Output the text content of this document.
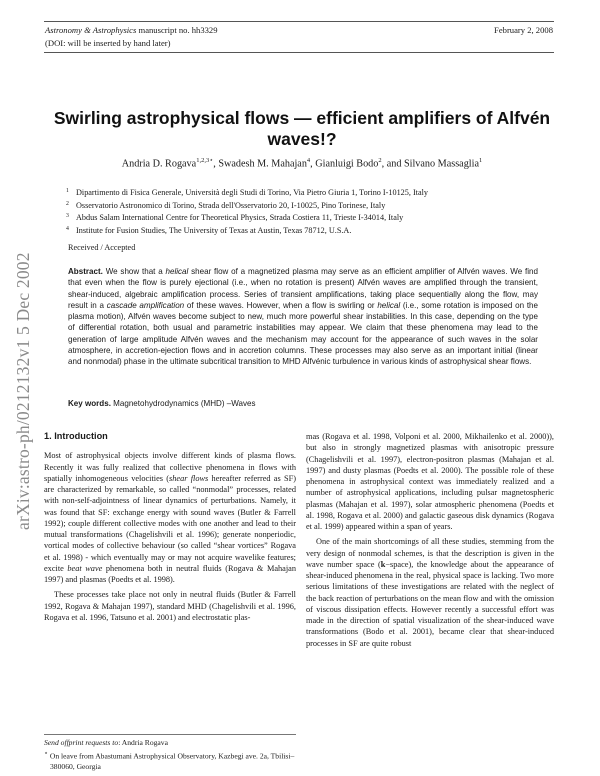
Astronomy & Astrophysics manuscript no. hh3329
(DOI: will be inserted by hand later)
February 2, 2008
arXiv:astro-ph/0212132v1 5 Dec 2002
Swirling astrophysical flows — efficient amplifiers of Alfvén waves!?
Andria D. Rogava$^{1,2,3⋆}$, Swadesh M. Mahajan$^4$, Gianluigi Bodo$^2$, and Silvano Massaglia$^1$
$^1$ Dipartimento di Fisica Generale, Università degli Studi di Torino, Via Pietro Giuria 1, Torino I-10125, Italy
$^2$ Osservatorio Astronomico di Torino, Strada dell'Osservatorio 20, I-10025, Pino Torinese, Italy
$^3$ Abdus Salam International Centre for Theoretical Physics, Strada Costiera 11, Trieste I-34014, Italy
$^4$ Institute for Fusion Studies, The University of Texas at Austin, Texas 78712, U.S.A.
Received / Accepted
Abstract. We show that a helical shear flow of a magnetized plasma may serve as an efficient amplifier of Alfvén waves. We find that even when the flow is purely ejectional (i.e., when no rotation is present) Alfvén waves are amplified through the transient, shear-induced, algebraic amplification process. Series of transient amplifications, taking place sequentially along the flow, may result in a cascade amplification of these waves. However, when a flow is swirling or helical (i.e., some rotation is imposed on the plasma motion), Alfvén waves become subject to new, much more powerful shear instabilities. In this case, depending on the type of differential rotation, both usual and parametric instabilities may appear. We claim that these phenomena may lead to the generation of large amplitude Alfvén waves and the mechanism may account for the appearance of such waves in the solar atmosphere, in accretion-ejection flows and in accretion columns. These processes may also serve as an important initial (linear and nonmodal) phase in the ultimate subcritical transition to MHD Alfvénic turbulence in various kinds of astrophysical shear flows.
Key words. Magnetohydrodynamics (MHD) –Waves

1. Introduction

Most of astrophysical objects involve different kinds of plasma flows. Recently it was fully realized that collective phenomena in flows with spatially inhomogeneous velocities (shear flows hereafter referred as SF) are characterized by remarkable, so called “nonmodal” processes, related with non-self-adjointness of linear dynamics of perturbations. Namely, it was found that SF: exchange energy with sound waves (Butler & Farrell 1992); couple different collective modes with one another and lead to their mutual transformations (Chagelishvili et al. 1996); generate nonperiodic, vortical modes of collective behaviour (so called “shear vortices” Rogava et al. 1998) - which eventually may or may not acquire wavelike features; excite beat wave phenomena both in neutral fluids (Rogava & Mahajan 1997) and plasmas (Poedts et al. 1998).

These processes take place not only in neutral fluids (Butler & Farrell 1992, Rogava & Mahajan 1997), standard MHD (Chagelishvili et al. 1996, Rogava et al. 1996, Tatsuno et al. 2001) and electrostatic plas-

mas (Rogava et al. 1998, Volponi et al. 2000, Mikhailenko et al. 2000)), but also in strongly magnetized plasmas with anisotropic pressure (Chagelishvili et al. 1997), electron-positron plasmas (Mahajan et al. 1997) and dusty plasmas (Poedts et al. 2000). The possible role of these phenomena in astrophysical context was immediately realized and a number of astrophysical applications, including pulsar magnetospheric plasmas (Mahajan et al. 1997), solar atmospheric phenomena (Poedts et al. 1998, Rogava et al. 2000) and galactic gaseous disk dynamics (Rogava et al. 1999) appeared within a span of years.

One of the main shortcomings of all these studies, stemming from the very design of nonmodal schemes, is that the description is given in the wave number space (k−space), the knowledge about the appearance of shear-induced phenomena in the real, physical space is lacking. Two more serious limitations of these investigations are related with the neglect of the back reaction of perturbations on the mean flow and with the omission of viscous dissipation effects. However recently a successful effort was made in the direction of spatial visualization of the shear-induced wave transformations (Bodo et al. 2001), became clear that shear-induced processes in SF are quite robust

Send offprint requests to: Andria Rogava

⋆ On leave from Abastumani Astrophysical Observatory, Kazbegi ave. 2a, Tbilisi–380060, Georgia
